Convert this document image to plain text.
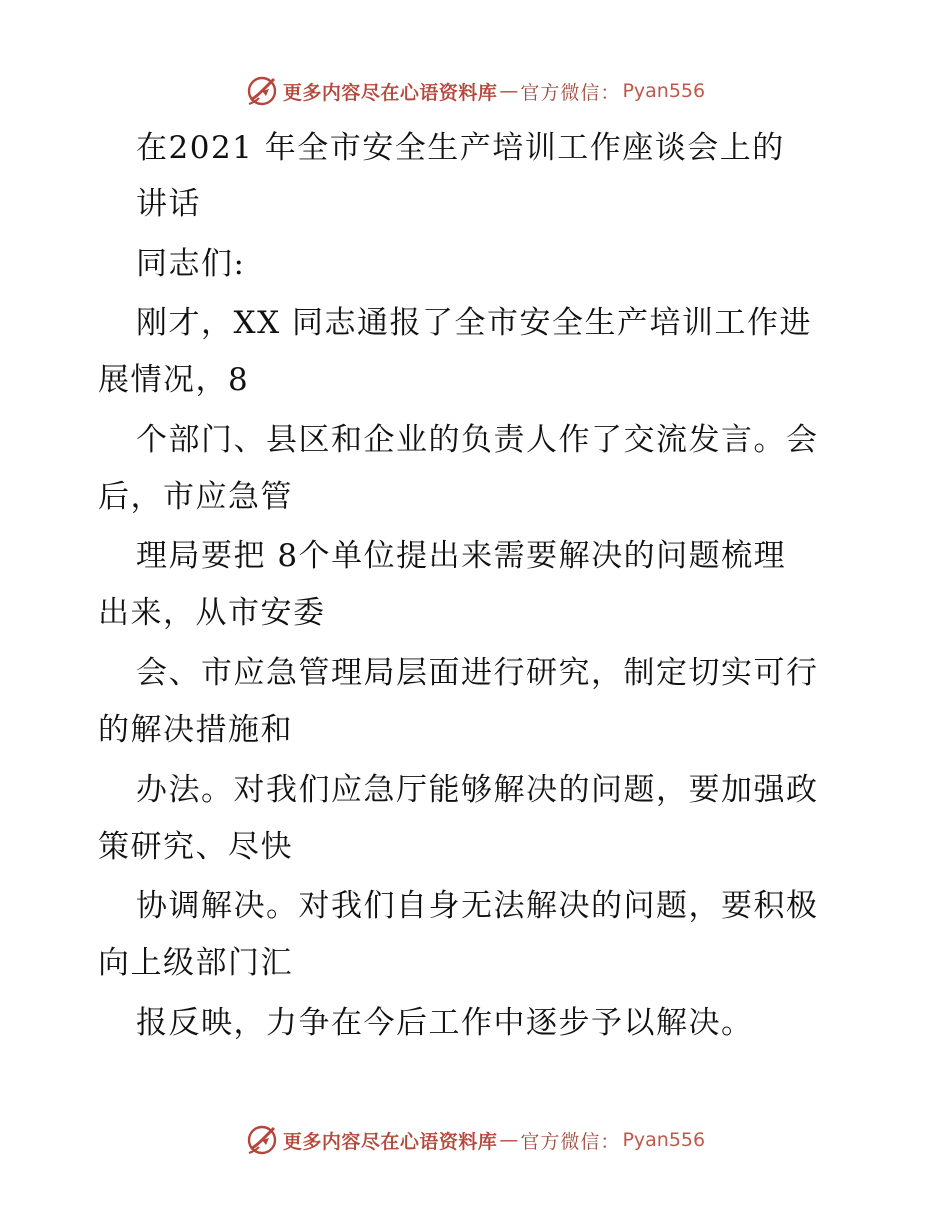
更多内容尽在心语资料库 — 官方微信： Pyan556
在2021 年全市安全生产培训工作座谈会上的
讲话
同志们:
刚才，XX 同志通报了全市安全生产培训工作进
展情况，8
个部门、县区和企业的负责人作了交流发言。会
后，市应急管
理局要把 8个单位提出来需要解决的问题梳理
出来，从市安委
会、市应急管理局层面进行研究，制定切实可行
的解决措施和
办法。对我们应急厅能够解决的问题，要加强政
策研究、尽快
协调解决。对我们自身无法解决的问题，要积极
向上级部门汇
报反映，力争在今后工作中逐步予以解决。
更多内容尽在心语资料库 — 官方微信： Pyan556
